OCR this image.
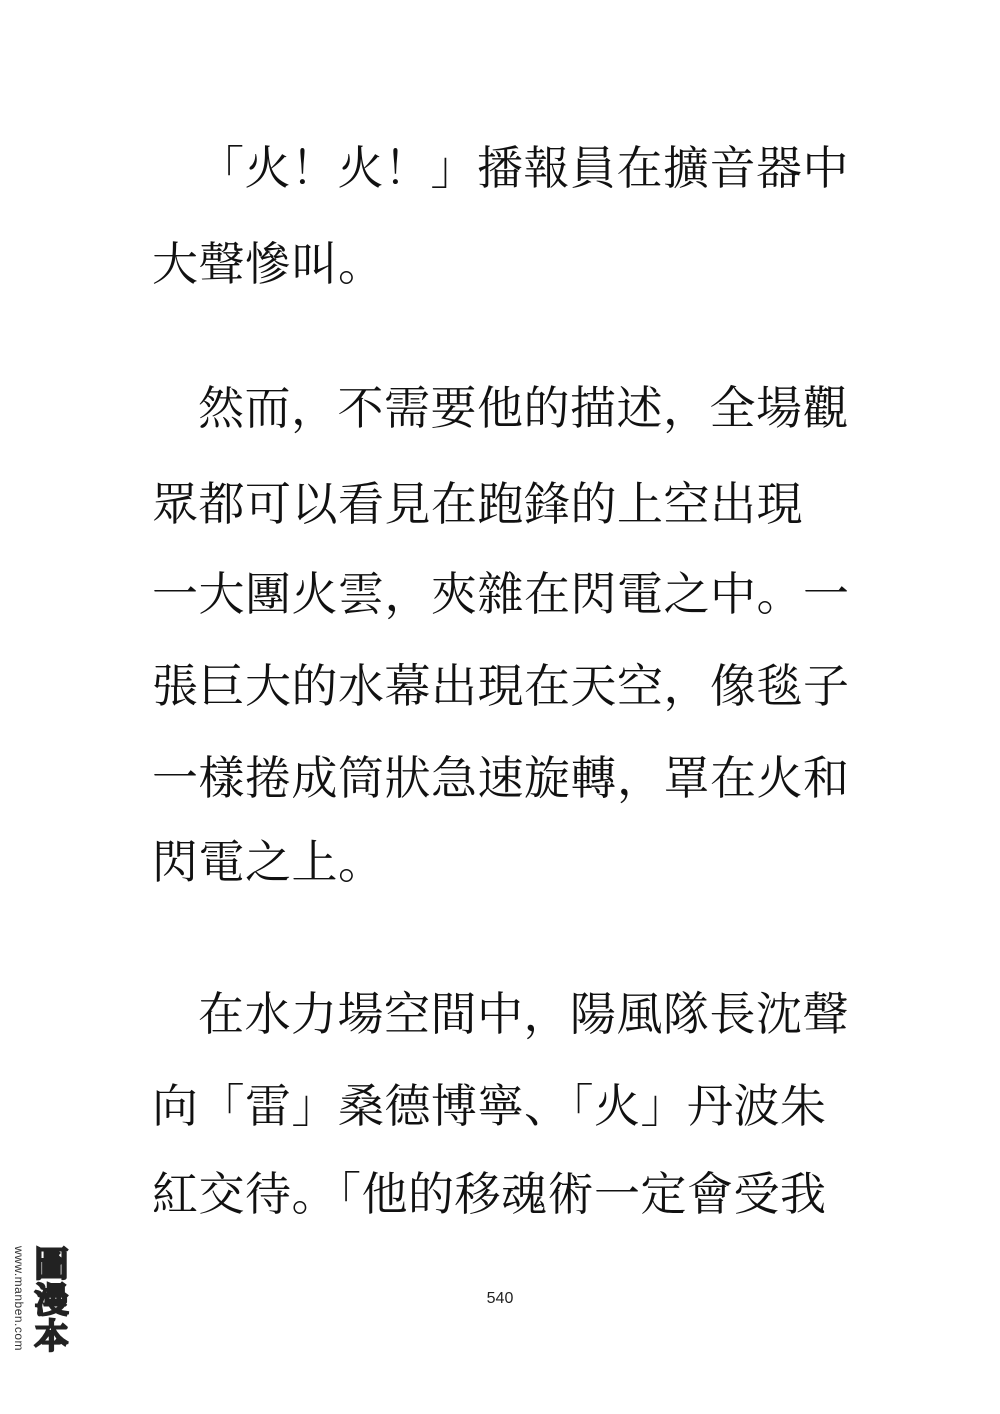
「火！火！」播報員在擴音器中
大聲慘叫。
然而，不需要他的描述，全場觀
眾都可以看見在跑鋒的上空出現
一大團火雲，夾雜在閃電之中。一
張巨大的水幕出現在天空，像毯子
一樣捲成筒狀急速旋轉，罩在火和
閃電之上。
在水力場空間中，陽風隊長沈聲
向「雷」桑德博寧、「火」丹波朱
紅交待。「他的移魂術一定會受我
540
www.manben.com 圖漫本
